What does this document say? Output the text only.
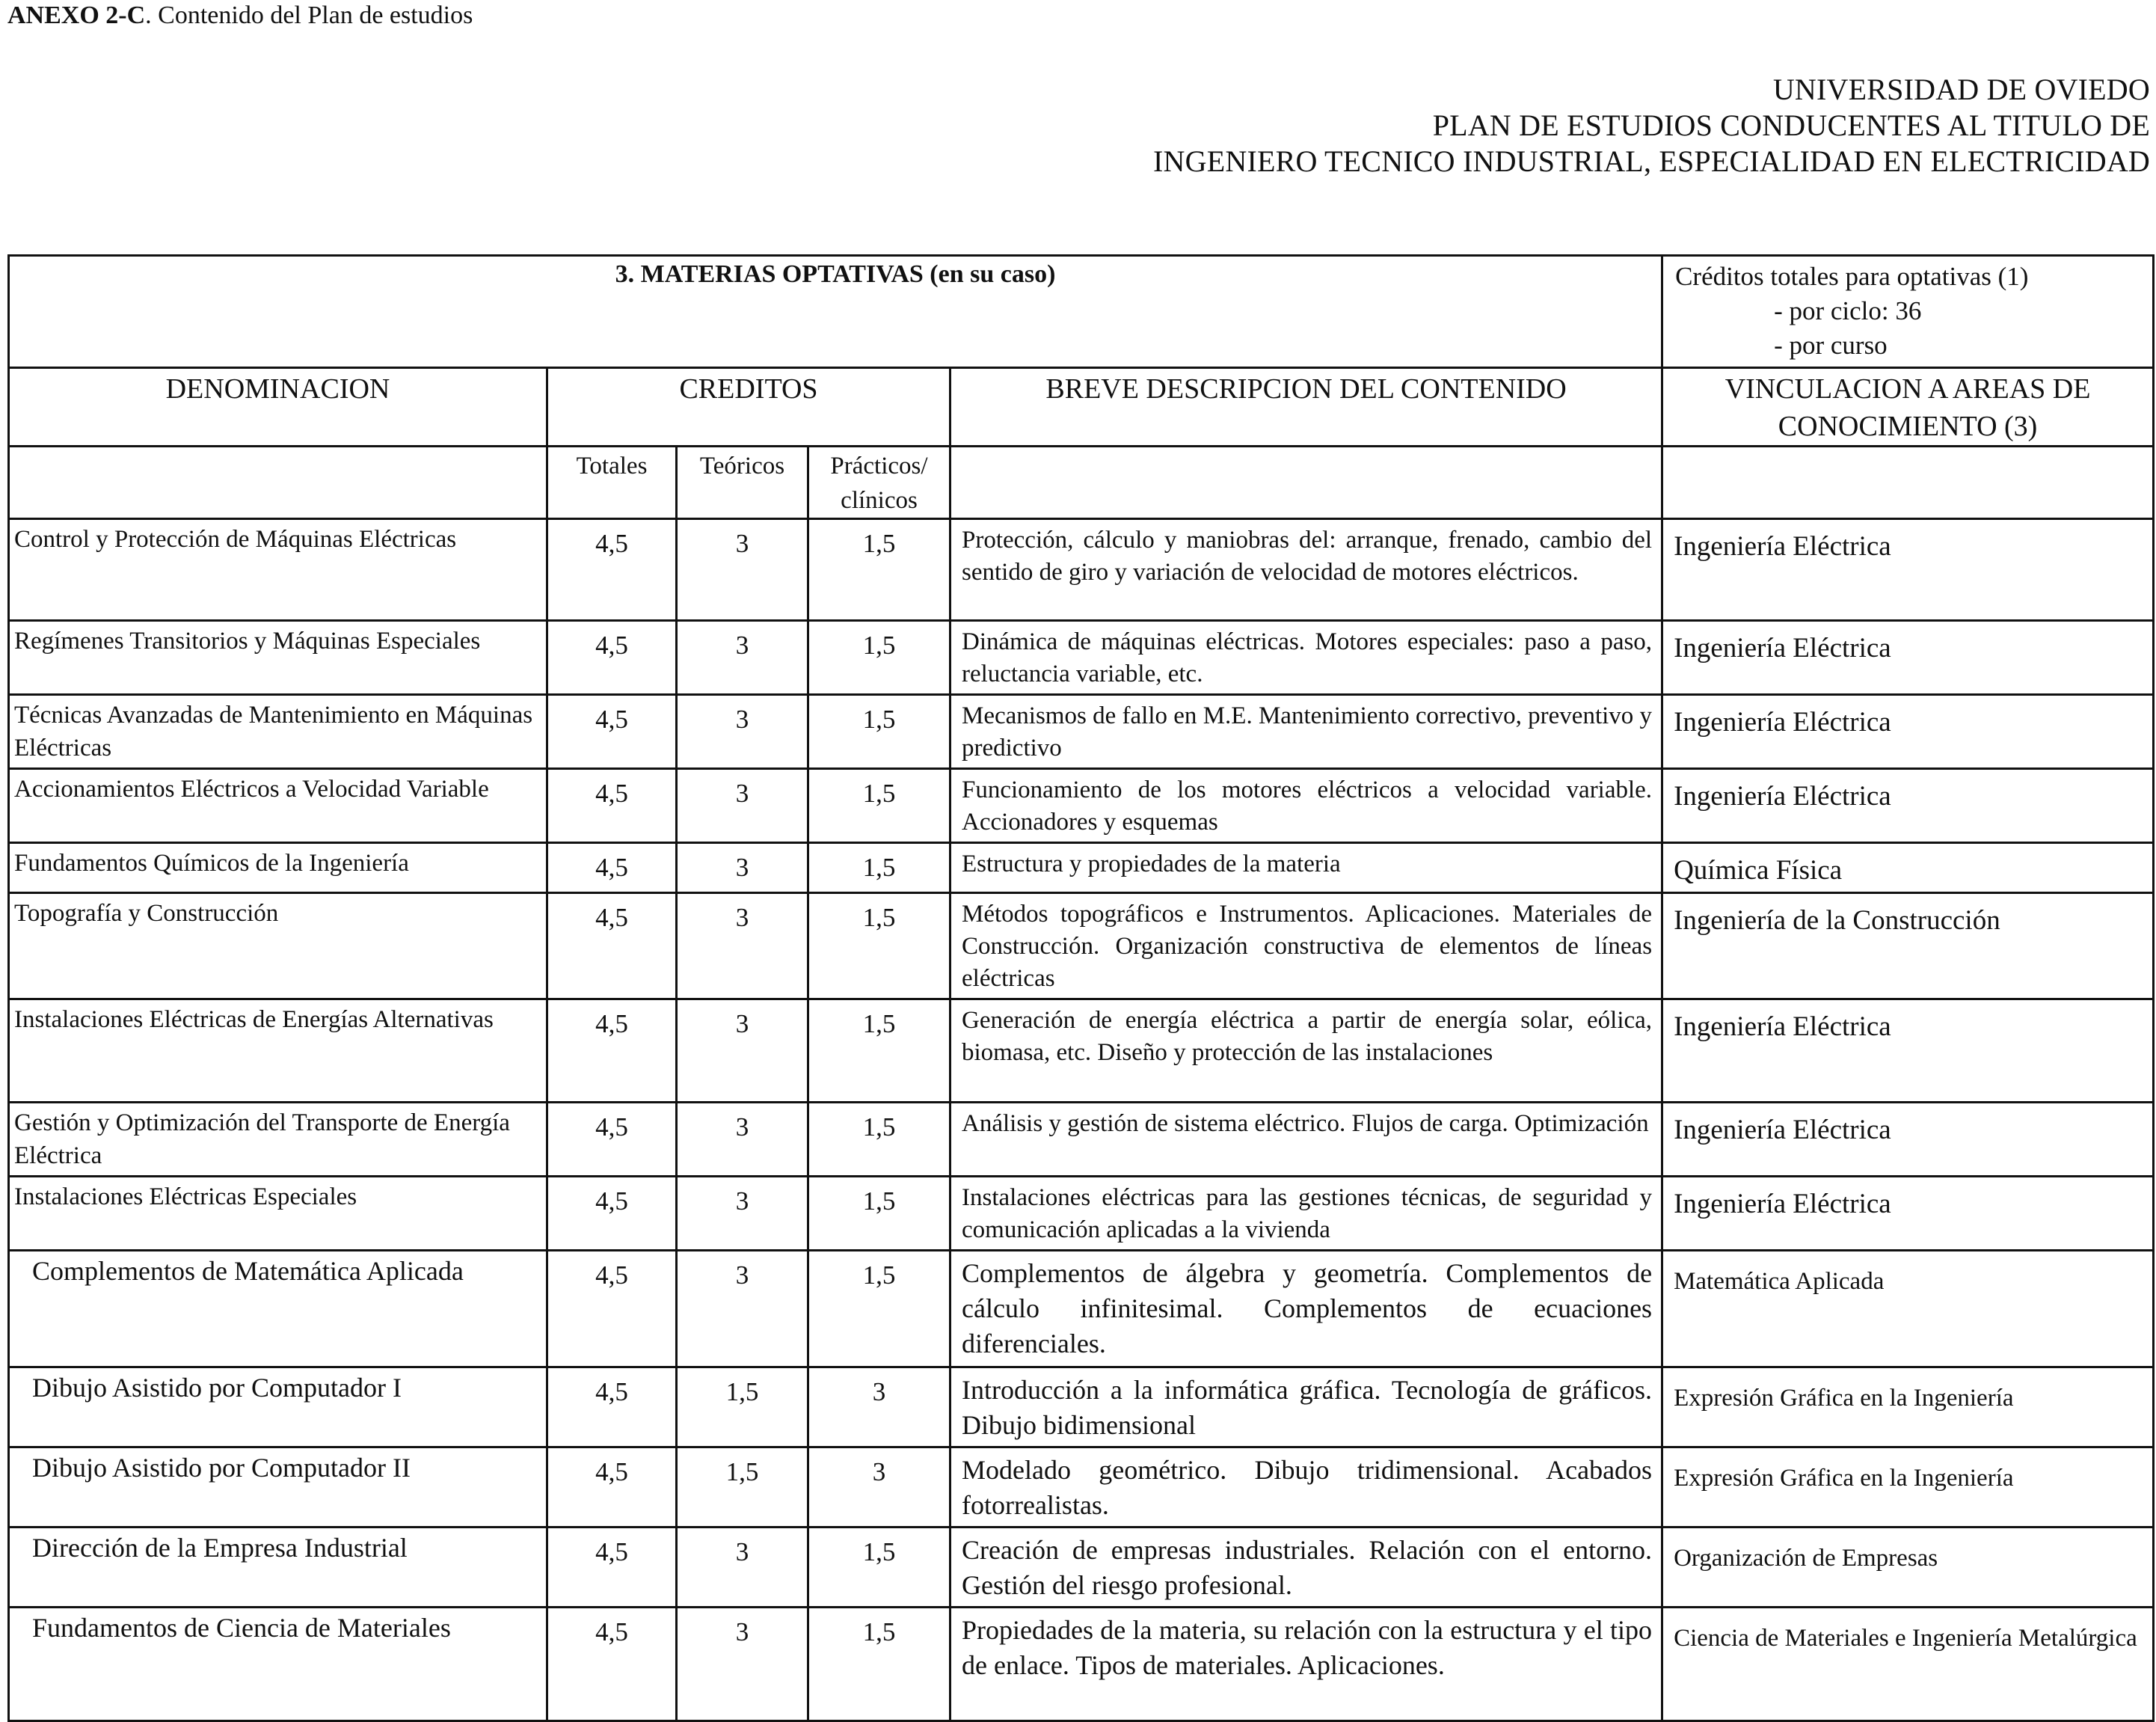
ANEXO 2-C. Contenido del Plan de estudios
UNIVERSIDAD DE OVIEDO
PLAN DE ESTUDIOS CONDUCENTES AL TITULO DE
INGENIERO TECNICO INDUSTRIAL, ESPECIALIDAD EN ELECTRICIDAD
3. MATERIAS OPTATIVAS (en su caso)					Créditos totales para optativas (1)
- por ciclo: 36
- por curso

DENOMINACION	CREDITOS			BREVE DESCRIPCION DEL CONTENIDO	VINCULACION A AREAS DE CONOCIMIENTO (3)
	Totales	Teóricos	Prácticos/ clínicos		
Control y Protección de Máquinas Eléctricas	4,5	3	1,5	Protección, cálculo y maniobras del: arranque, frenado, cambio del sentido de giro y variación de velocidad de motores eléctricos.	Ingeniería Eléctrica
Regímenes Transitorios y Máquinas Especiales	4,5	3	1,5	Dinámica de máquinas eléctricas. Motores especiales: paso a paso, reluctancia variable, etc.	Ingeniería Eléctrica
Técnicas Avanzadas de Mantenimiento en Máquinas Eléctricas	4,5	3	1,5	Mecanismos de fallo en M.E. Mantenimiento correctivo, preventivo y predictivo	Ingeniería Eléctrica
Accionamientos Eléctricos a Velocidad Variable	4,5	3	1,5	Funcionamiento de los motores eléctricos a velocidad variable. Accionadores y esquemas	Ingeniería Eléctrica
Fundamentos Químicos de la Ingeniería	4,5	3	1,5	Estructura y propiedades de la materia	Química Física
Topografía y Construcción	4,5	3	1,5	Métodos topográficos e Instrumentos. Aplicaciones. Materiales de Construcción. Organización constructiva de elementos de líneas eléctricas	Ingeniería de la Construcción
Instalaciones Eléctricas de Energías Alternativas	4,5	3	1,5	Generación de energía eléctrica a partir de energía solar, eólica, biomasa, etc. Diseño y protección de las instalaciones	Ingeniería Eléctrica
Gestión y Optimización del Transporte de Energía Eléctrica	4,5	3	1,5	Análisis y gestión de sistema eléctrico. Flujos de carga. Optimización	Ingeniería Eléctrica
Instalaciones Eléctricas Especiales	4,5	3	1,5	Instalaciones eléctricas para las gestiones técnicas, de seguridad y comunicación aplicadas a la vivienda	Ingeniería Eléctrica
Complementos de Matemática Aplicada	4,5	3	1,5	Complementos de álgebra y geometría. Complementos de cálculo infinitesimal. Complementos de ecuaciones diferenciales.	Matemática Aplicada
Dibujo Asistido por Computador I	4,5	1,5	3	Introducción a la informática gráfica. Tecnología de gráficos. Dibujo bidimensional	Expresión Gráfica en la Ingeniería
Dibujo Asistido por Computador II	4,5	1,5	3	Modelado geométrico. Dibujo tridimensional. Acabados fotorrealistas.	Expresión Gráfica en la Ingeniería
Dirección de la Empresa Industrial	4,5	3	1,5	Creación de empresas industriales. Relación con el entorno. Gestión del riesgo profesional.	Organización de Empresas
Fundamentos de Ciencia de Materiales	4,5	3	1,5	Propiedades de la materia, su relación con la estructura y el tipo de enlace. Tipos de materiales. Aplicaciones.	Ciencia de Materiales e Ingeniería Metalúrgica
